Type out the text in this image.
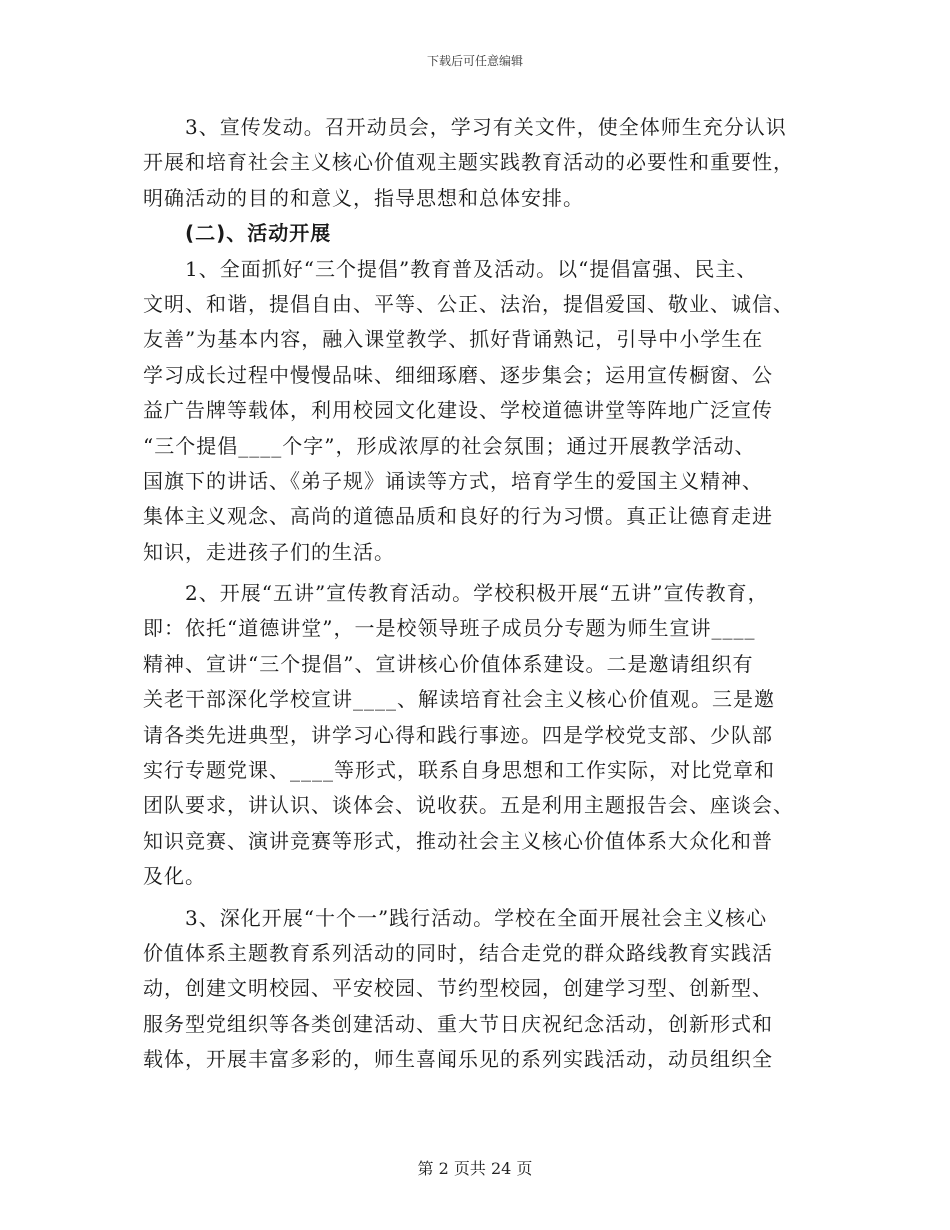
下载后可任意编辑
3、宣传发动。召开动员会，学习有关文件，使全体师生充分认识
开展和培育社会主义核心价值观主题实践教育活动的必要性和重要性，
明确活动的目的和意义，指导思想和总体安排。
(二)、活动开展
1、全面抓好“三个提倡”教育普及活动。以“提倡富强、民主、
文明、和谐，提倡自由、平等、公正、法治，提倡爱国、敬业、诚信、
友善”为基本内容，融入课堂教学、抓好背诵熟记，引导中小学生在
学习成长过程中慢慢品味、细细琢磨、逐步集会；运用宣传橱窗、公
益广告牌等载体，利用校园文化建设、学校道德讲堂等阵地广泛宣传
“三个提倡____个字”，形成浓厚的社会氛围；通过开展教学活动、
国旗下的讲话、《弟子规》诵读等方式，培育学生的爱国主义精神、
集体主义观念、高尚的道德品质和良好的行为习惯。真正让德育走进
知识，走进孩子们的生活。
2、开展“五讲”宣传教育活动。学校积极开展“五讲”宣传教育，
即：依托“道德讲堂”，一是校领导班子成员分专题为师生宣讲____
精神、宣讲“三个提倡”、宣讲核心价值体系建设。二是邀请组织有
关老干部深化学校宣讲____、解读培育社会主义核心价值观。三是邀
请各类先进典型，讲学习心得和践行事迹。四是学校党支部、少队部
实行专题党课、____等形式，联系自身思想和工作实际，对比党章和
团队要求，讲认识、谈体会、说收获。五是利用主题报告会、座谈会、
知识竞赛、演讲竞赛等形式，推动社会主义核心价值体系大众化和普
及化。
3、深化开展“十个一”践行活动。学校在全面开展社会主义核心
价值体系主题教育系列活动的同时，结合走党的群众路线教育实践活
动，创建文明校园、平安校园、节约型校园，创建学习型、创新型、
服务型党组织等各类创建活动、重大节日庆祝纪念活动，创新形式和
载体，开展丰富多彩的，师生喜闻乐见的系列实践活动，动员组织全
第 2 页共 24 页
